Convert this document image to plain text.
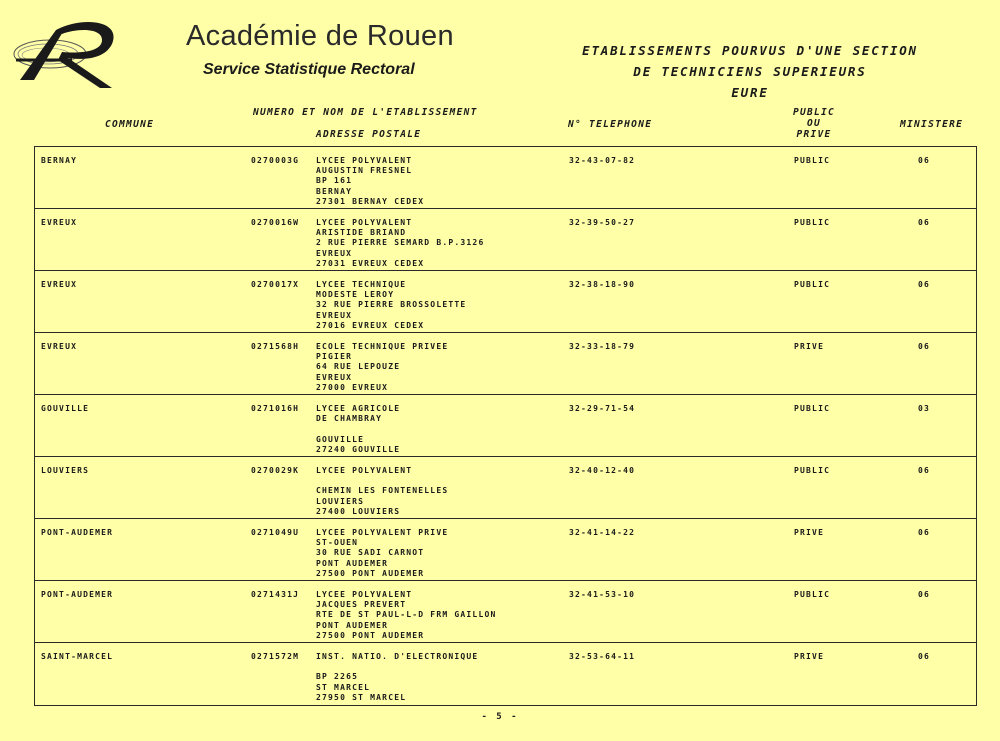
Académie de Rouen
Service Statistique Rectoral
ETABLISSEMENTS POURVUS D'UNE SECTION
DE TECHNICIENS SUPERIEURS
EURE
COMMUNE
NUMERO ET NOM DE L'ETABLISSEMENT
ADRESSE POSTALE
N° TELEPHONE
PUBLIC
OU
PRIVE
MINISTERE
BERNAY	0270003G LYCEE POLYVALENT
AUGUSTIN FRESNEL
BP 161
BERNAY
27301 BERNAY CEDEX
32-43-07-82	PUBLIC	06
EVREUX	0270016W LYCEE POLYVALENT
ARISTIDE BRIAND
2 RUE PIERRE SEMARD B.P.3126
EVREUX
27031 EVREUX CEDEX
32-39-50-27	PUBLIC	06
EVREUX	0270017X LYCEE TECHNIQUE
MODESTE LEROY
32 RUE PIERRE BROSSOLETTE
EVREUX
27016 EVREUX CEDEX
32-38-18-90	PUBLIC	06
EVREUX	0271568H ECOLE TECHNIQUE PRIVEE
PIGIER
64 RUE LEPOUZE
EVREUX
27000 EVREUX
32-33-18-79	PRIVE	06
GOUVILLE	0271016H LYCEE AGRICOLE
DE CHAMBRAY
GOUVILLE
27240 GOUVILLE
32-29-71-54	PUBLIC	03
LOUVIERS	0270029K LYCEE POLYVALENT
CHEMIN LES FONTENELLES
LOUVIERS
27400 LOUVIERS
32-40-12-40	PUBLIC	06
PONT-AUDEMER	0271049U LYCEE POLYVALENT PRIVE
ST-OUEN
30 RUE SADI CARNOT
PONT AUDEMER
27500 PONT AUDEMER
32-41-14-22	PRIVE	06
PONT-AUDEMER	0271431J LYCEE POLYVALENT
JACQUES PREVERT
RTE DE ST PAUL-L-D FRM GAILLON
PONT AUDEMER
27500 PONT AUDEMER
32-41-53-10	PUBLIC	06
SAINT-MARCEL	0271572M INST. NATIO. D'ELECTRONIQUE
BP 2265
ST MARCEL
27950 ST MARCEL
32-53-64-11	PRIVE	06
- 5 -
